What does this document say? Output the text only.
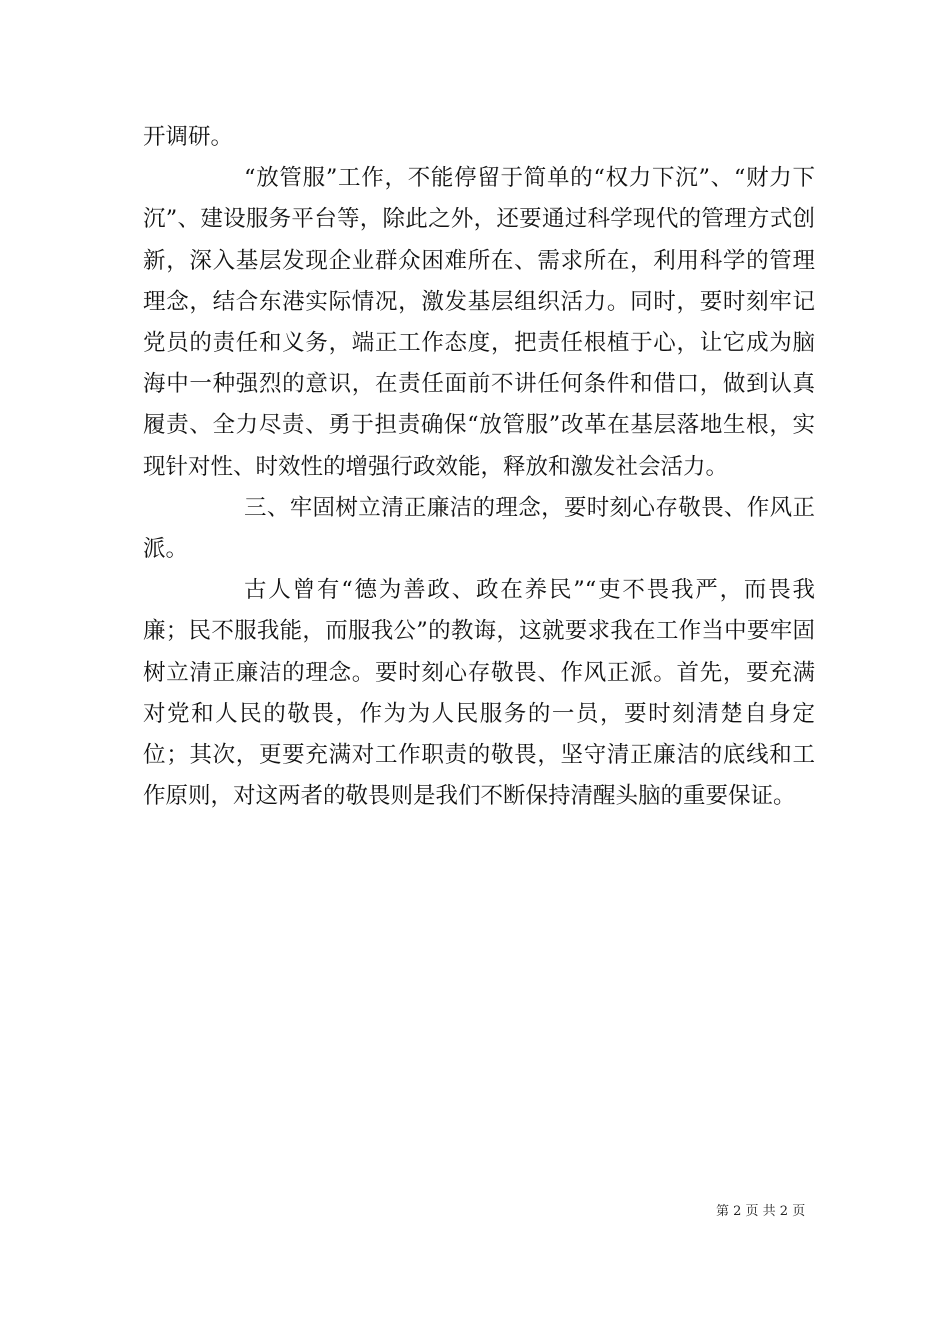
开调研。

“放管服”工作，不能停留于简单的“权力下沉”、“财力下沉”、建设服务平台等，除此之外，还要通过科学现代的管理方式创新，深入基层发现企业群众困难所在、需求所在，利用科学的管理理念，结合东港实际情况，激发基层组织活力。同时，要时刻牢记党员的责任和义务，端正工作态度，把责任根植于心，让它成为脑海中一种强烈的意识，在责任面前不讲任何条件和借口，做到认真履责、全力尽责、勇于担责确保“放管服”改革在基层落地生根，实现针对性、时效性的增强行政效能，释放和激发社会活力。

三、牢固树立清正廉洁的理念，要时刻心存敬畏、作风正派。

古人曾有“德为善政、政在养民”“吏不畏我严，而畏我廉；民不服我能，而服我公”的教诲，这就要求我在工作当中要牢固树立清正廉洁的理念。要时刻心存敬畏、作风正派。首先，要充满对党和人民的敬畏，作为为人民服务的一员，要时刻清楚自身定位；其次，更要充满对工作职责的敬畏，坚守清正廉洁的底线和工作原则，对这两者的敬畏则是我们不断保持清醒头脑的重要保证。

第 2 页 共 2 页
